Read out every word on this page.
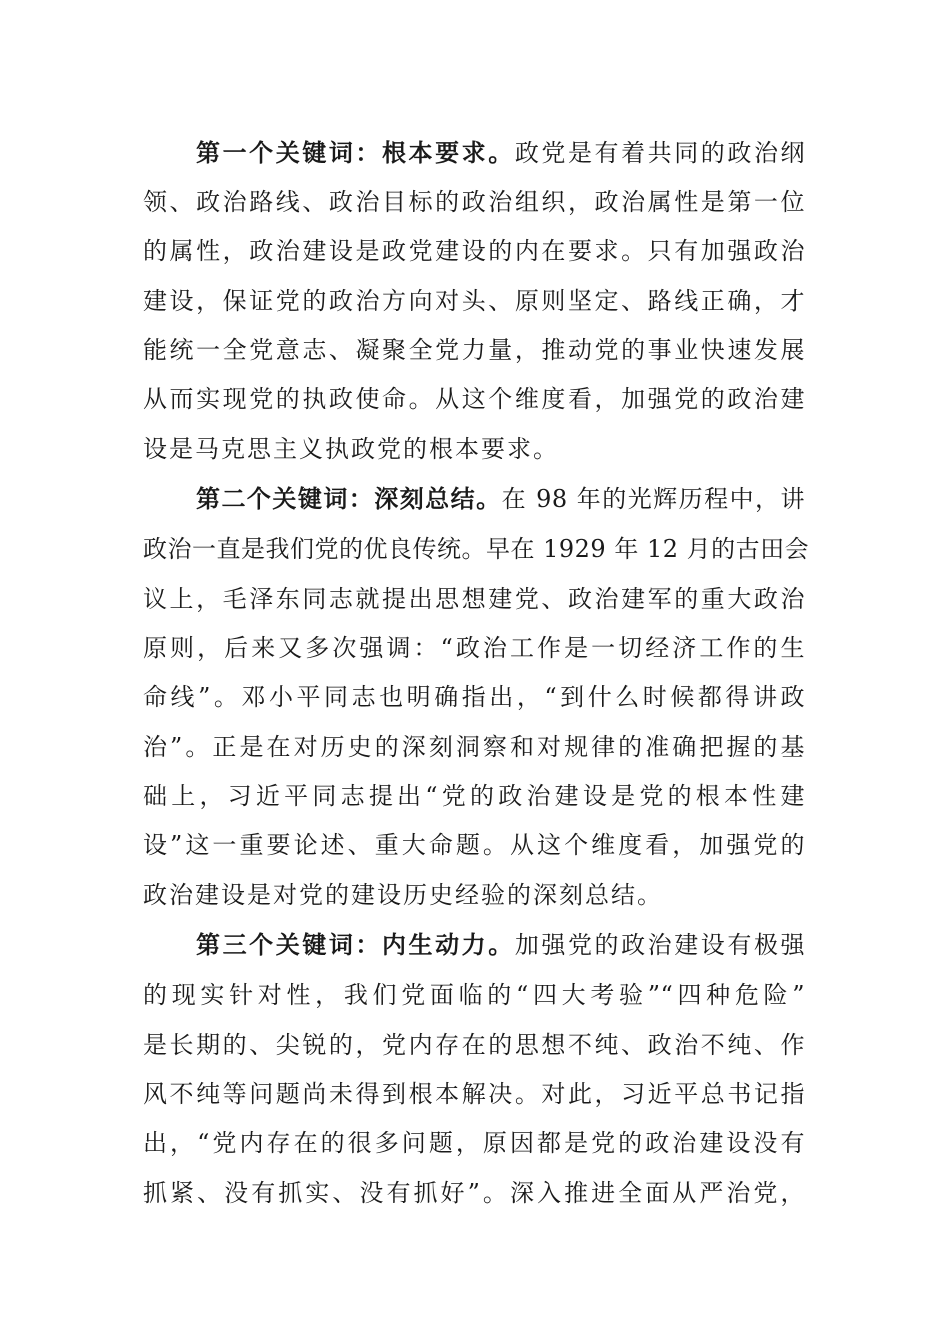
第一个关键词：根本要求。政党是有着共同的政治纲
领、政治路线、政治目标的政治组织，政治属性是第一位
的属性，政治建设是政党建设的内在要求。只有加强政治
建设，保证党的政治方向对头、原则坚定、路线正确，才
能统一全党意志、凝聚全党力量，推动党的事业快速发展
从而实现党的执政使命。从这个维度看，加强党的政治建
设是马克思主义执政党的根本要求。
第二个关键词：深刻总结。在 98 年的光辉历程中，讲
政治一直是我们党的优良传统。早在 1929 年 12 月的古田会
议上，毛泽东同志就提出思想建党、政治建军的重大政治
原则，后来又多次强调：“政治工作是一切经济工作的生
命线”。邓小平同志也明确指出，“到什么时候都得讲政
治”。正是在对历史的深刻洞察和对规律的准确把握的基
础上，习近平同志提出“党的政治建设是党的根本性建
设”这一重要论述、重大命题。从这个维度看，加强党的
政治建设是对党的建设历史经验的深刻总结。
第三个关键词：内生动力。加强党的政治建设有极强
的现实针对性，我们党面临的“四大考验”“四种危险”
是长期的、尖锐的，党内存在的思想不纯、政治不纯、作
风不纯等问题尚未得到根本解决。对此，习近平总书记指
出，“党内存在的很多问题，原因都是党的政治建设没有
抓紧、没有抓实、没有抓好”。深入推进全面从严治党，
